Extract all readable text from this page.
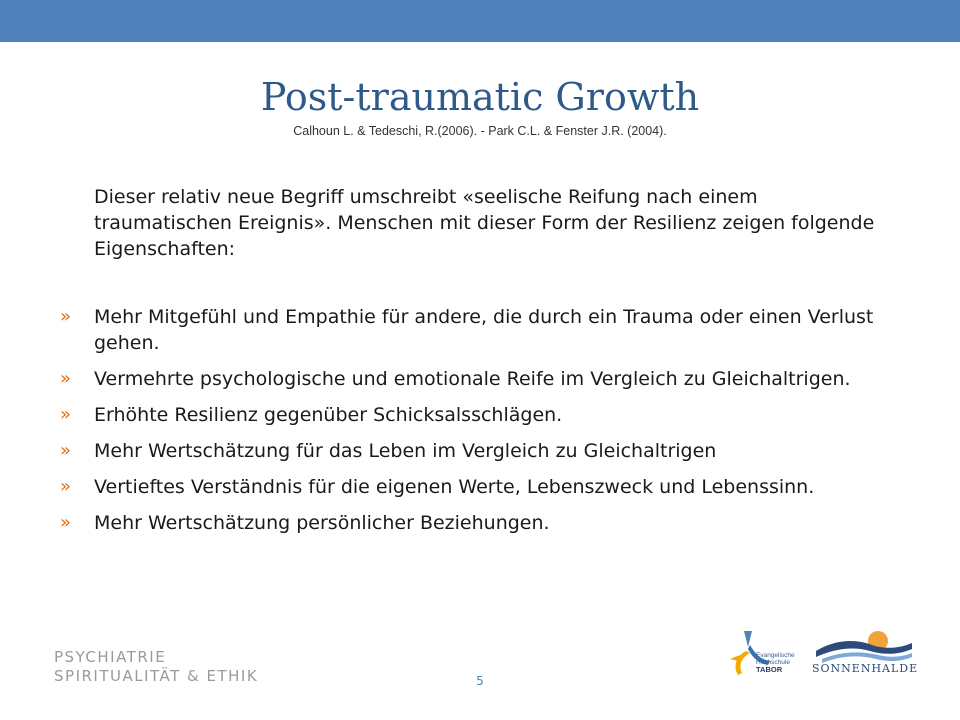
Post-traumatic Growth
Calhoun L. & Tedeschi, R.(2006). - Park C.L. & Fenster J.R. (2004).
Dieser relativ neue Begriff umschreibt «seelische Reifung nach einem traumatischen Ereignis». Menschen mit dieser Form der Resilienz zeigen folgende Eigenschaften:
» Mehr Mitgefühl und Empathie für andere, die durch ein Trauma oder einen Verlust gehen.
» Vermehrte psychologische und emotionale Reife im Vergleich zu Gleichaltrigen.
» Erhöhte Resilienz gegenüber Schicksalsschlägen.
» Mehr Wertschätzung für das Leben im Vergleich zu Gleichaltrigen
» Vertieftes Verständnis für die eigenen Werte, Lebenszweck und Lebenssinn.
» Mehr Wertschätzung persönlicher Beziehungen.
PSYCHIATRIE
SPIRITUALITÄT & ETHIK	5
Evangelische
Hochschule
TABOR	SONNENHALDE
